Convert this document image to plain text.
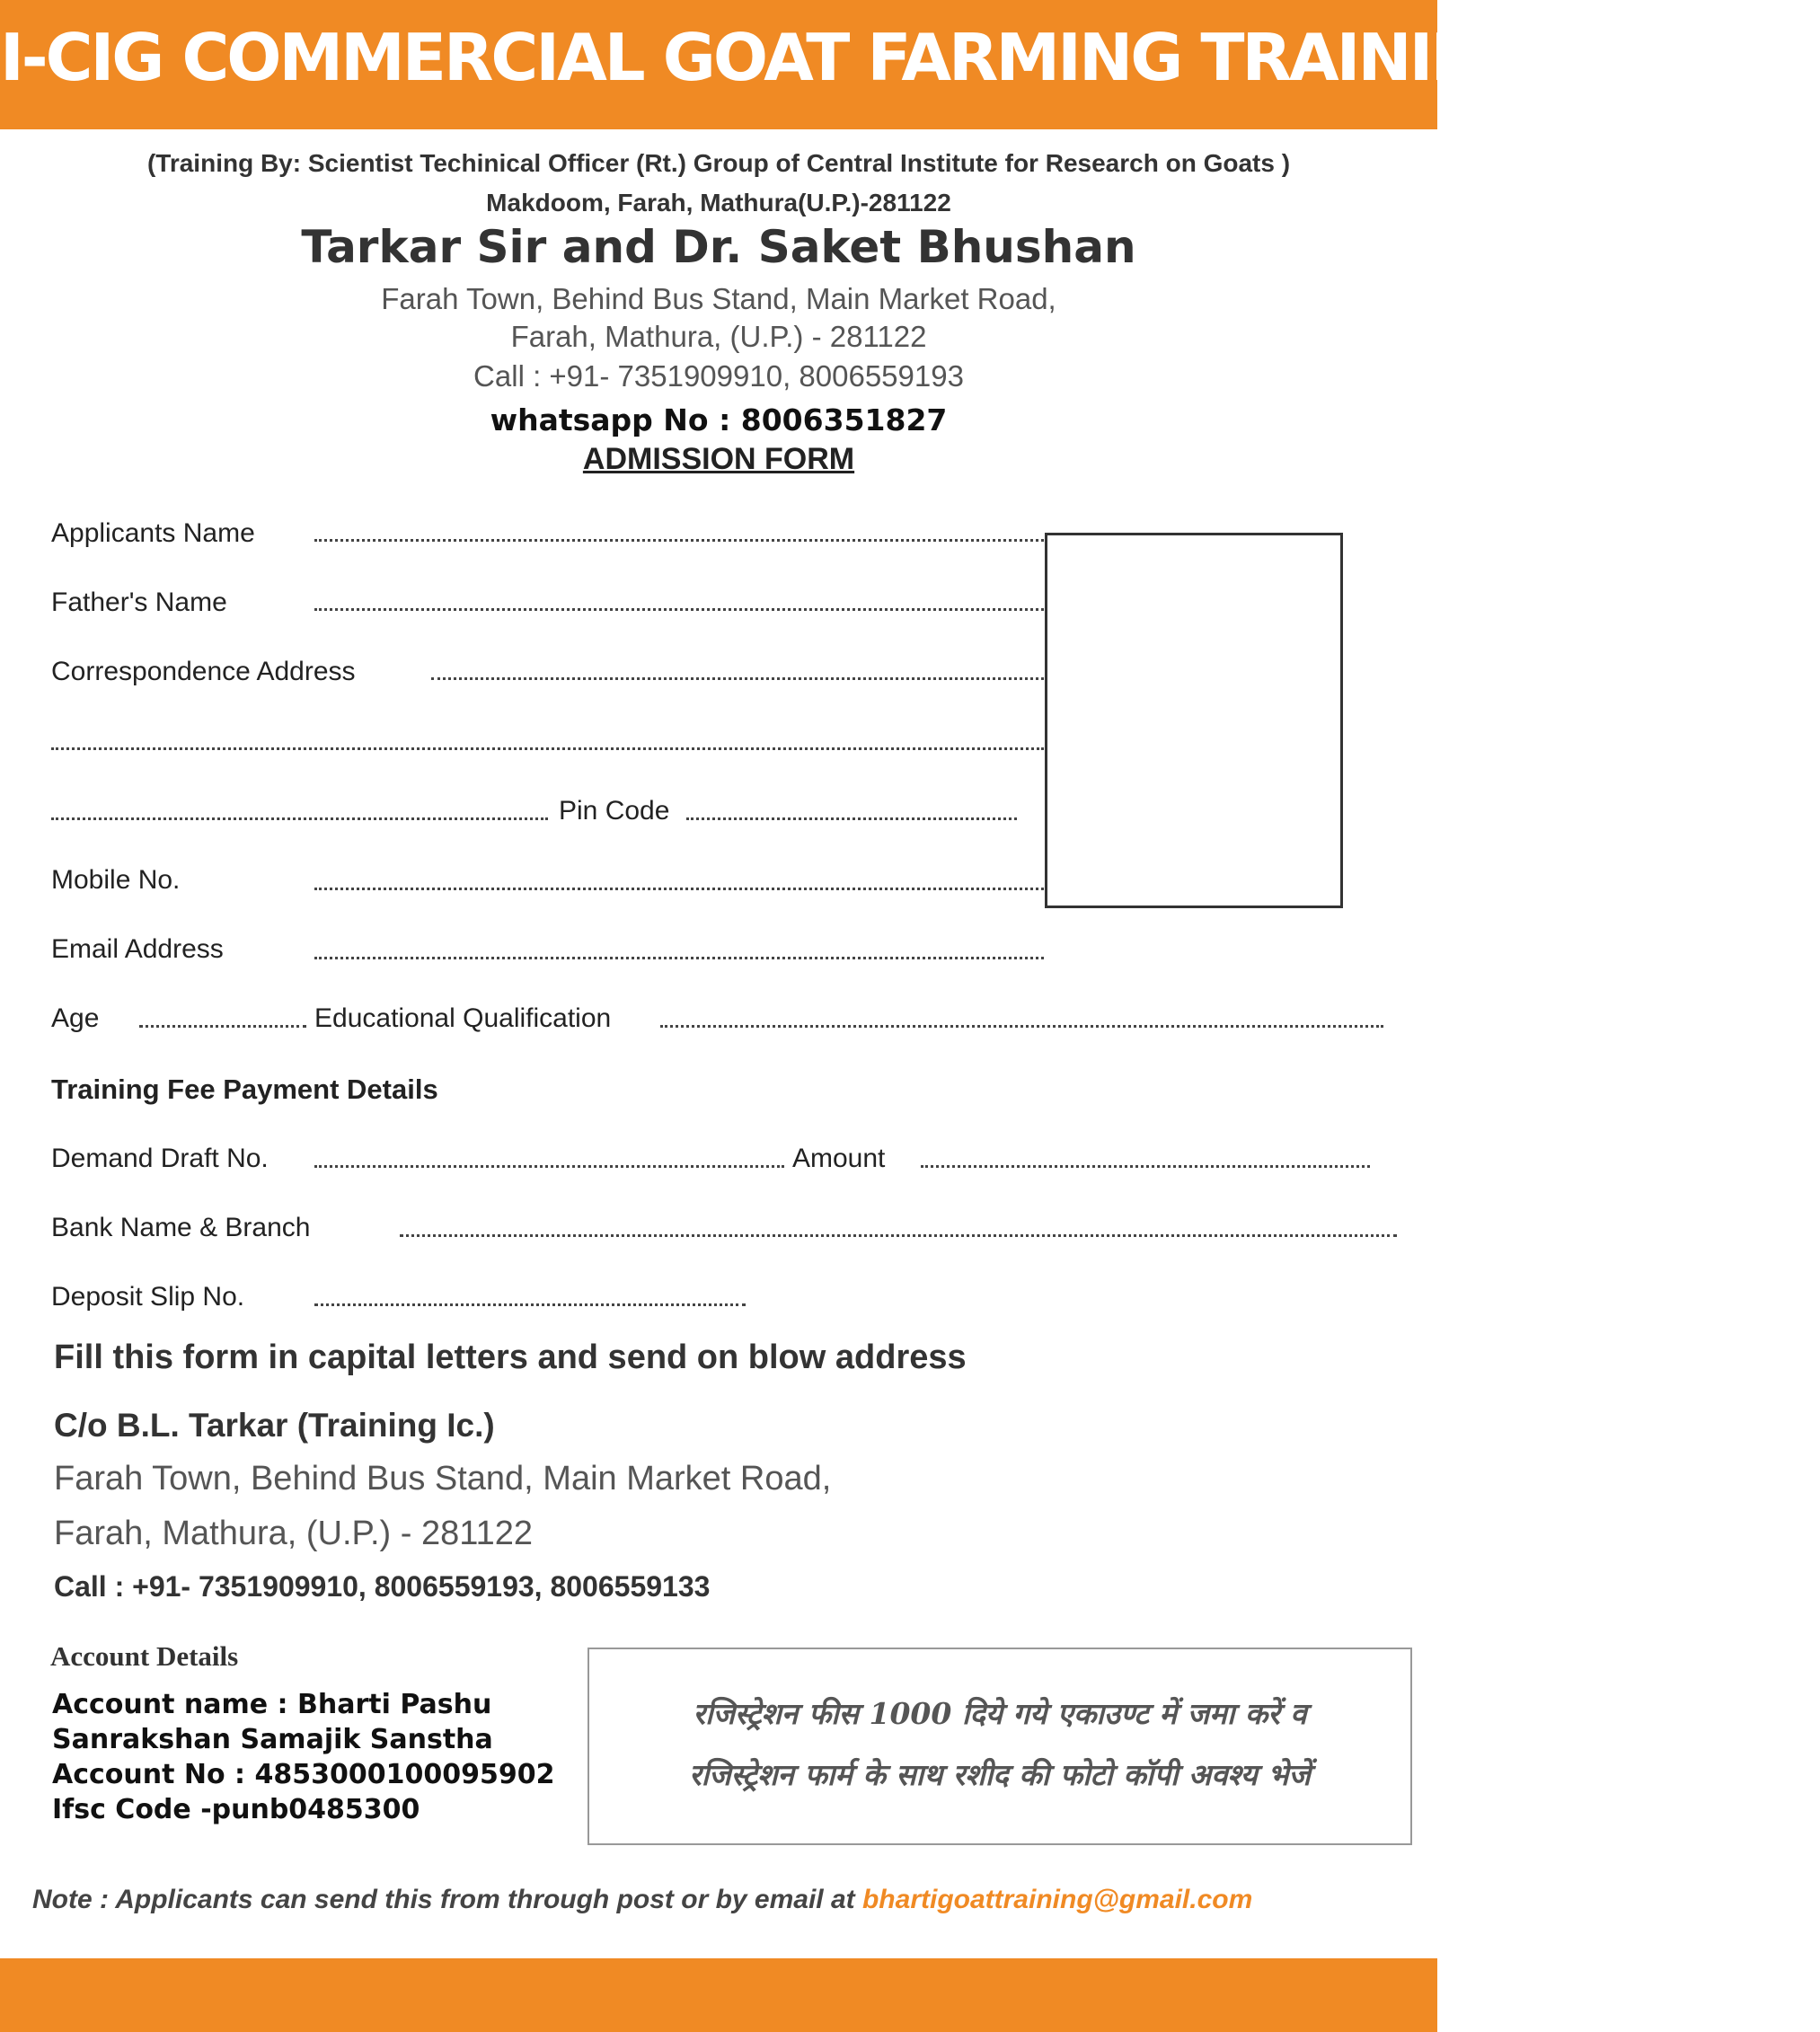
I-CIG COMMERCIAL GOAT FARMING TRAINING CENTER
(Training By: Scientist Techinical Officer (Rt.) Group of Central Institute for Research on Goats )
Makdoom, Farah, Mathura(U.P.)-281122
Tarkar Sir and Dr. Saket Bhushan
Farah Town, Behind Bus Stand, Main Market Road,
Farah, Mathura, (U.P.) - 281122
Call : +91- 7351909910, 8006559193
whatsapp No : 8006351827
ADMISSION FORM
Applicants Name
Father's Name
Correspondence Address
Pin Code
Mobile No.
Email Address
Age	Educational Qualification
Training Fee Payment Details
Demand Draft No.	Amount
Bank Name & Branch
Deposit Slip No.
Fill this form in capital letters and send on blow address
C/o B.L. Tarkar (Training Ic.)
Farah Town, Behind Bus Stand, Main Market Road,
Farah, Mathura, (U.P.) - 281122
Call : +91- 7351909910, 8006559193, 8006559133
Account Details
Account name : Bharti Pashu
Sanrakshan Samajik Sanstha
Account No : 4853000100095902
Ifsc Code -punb0485300
रजिस्ट्रेशन फीस 1000 दिये गये एकाउण्ट में जमा करें व
रजिस्ट्रेशन फार्म के साथ रशीद की फोटो कॉपी अवश्य भेजें
Note : Applicants can send this from through post or by email at bhartigoattraining@gmail.com
